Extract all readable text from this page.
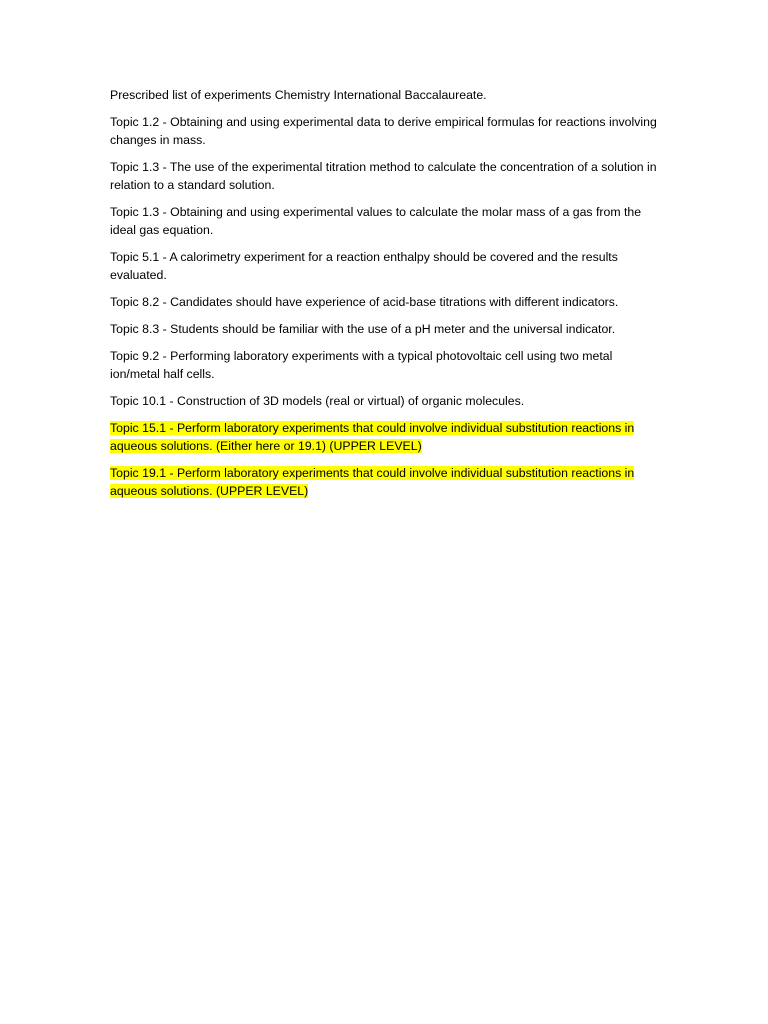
Prescribed list of experiments Chemistry International Baccalaureate.

Topic 1.2 - Obtaining and using experimental data to derive empirical formulas for reactions involving changes in mass.

Topic 1.3 - The use of the experimental titration method to calculate the concentration of a solution in relation to a standard solution.

Topic 1.3 - Obtaining and using experimental values to calculate the molar mass of a gas from the ideal gas equation.

Topic 5.1 - A calorimetry experiment for a reaction enthalpy should be covered and the results evaluated.

Topic 8.2 - Candidates should have experience of acid-base titrations with different indicators.

Topic 8.3 - Students should be familiar with the use of a pH meter and the universal indicator.

Topic 9.2 - Performing laboratory experiments with a typical photovoltaic cell using two metal ion/metal half cells.

Topic 10.1 - Construction of 3D models (real or virtual) of organic molecules.

Topic 15.1 - Perform laboratory experiments that could involve individual substitution reactions in aqueous solutions. (Either here or 19.1) (UPPER LEVEL)

Topic 19.1 - Perform laboratory experiments that could involve individual substitution reactions in aqueous solutions. (UPPER LEVEL)
